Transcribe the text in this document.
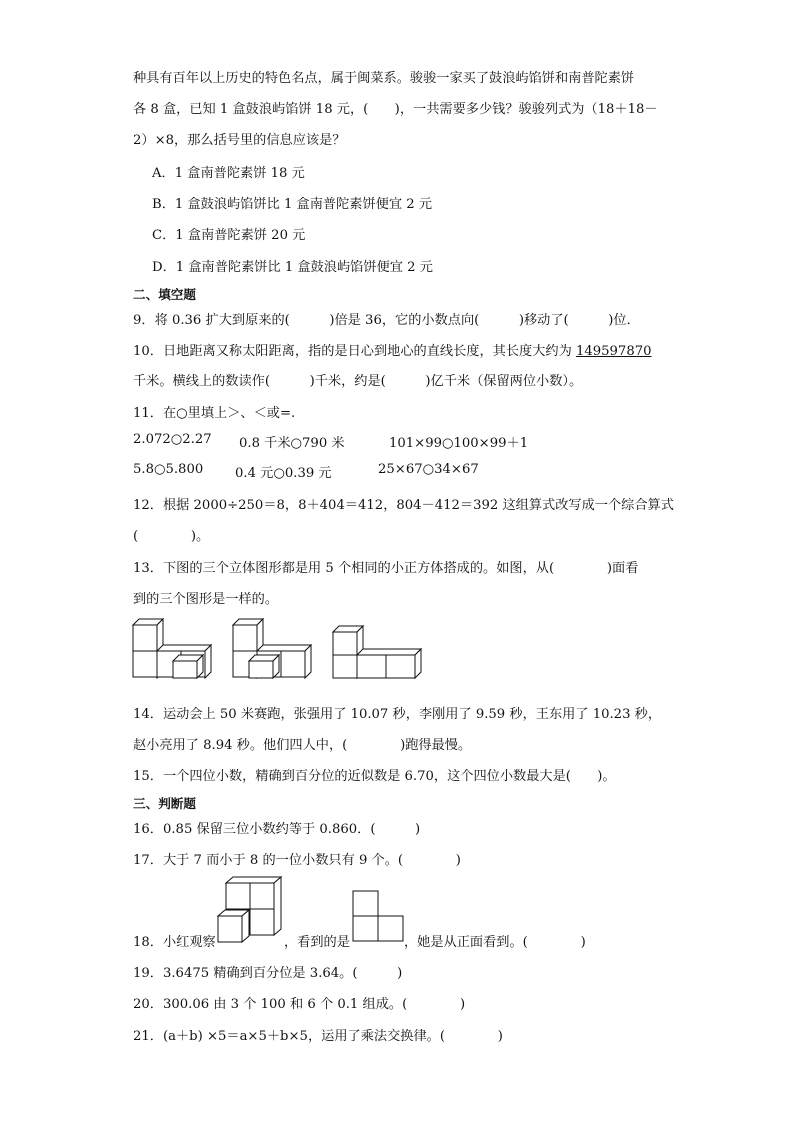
种具有百年以上历史的特色名点，属于闽菜系。骏骏一家买了鼓浪屿馅饼和南普陀素饼
各 8 盒，已知 1 盒鼓浪屿馅饼 18 元，(　　)，一共需要多少钱？骏骏列式为（18＋18－
2）×8，那么括号里的信息应该是？
A．1 盒南普陀素饼 18 元
B．1 盒鼓浪屿馅饼比 1 盒南普陀素饼便宜 2 元
C．1 盒南普陀素饼 20 元
D．1 盒南普陀素饼比 1 盒鼓浪屿馅饼便宜 2 元
二、填空题
9．将 0.36 扩大到原来的(　　　)倍是 36，它的小数点向(　　　)移动了(　　　)位．
10．日地距离又称太阳距离，指的是日心到地心的直线长度，其长度大约为 149597870
千米。横线上的数读作(　　　)千米，约是(　　　)亿千米（保留两位小数）。
11．在○里填上＞、＜或=.
2.072○2.27 0.8 千米○790 米	101×99○100×99＋1
5.8○5.800 0.4 元○0.39 元	25×67○34×67
12．根据 2000÷250＝8，8＋404＝412，804－412＝392 这组算式改写成一个综合算式
(　　　　)。
13．下图的三个立体图形都是用 5 个相同的小正方体搭成的。如图，从(　　　　)面看
到的三个图形是一样的。
14．运动会上 50 米赛跑，张强用了 10.07 秒，李刚用了 9.59 秒，王东用了 10.23 秒，
赵小亮用了 8.94 秒。他们四人中，(　　　　)跑得最慢。
15．一个四位小数，精确到百分位的近似数是 6.70，这个四位小数最大是(　　)。
三、判断题
16．0.85 保留三位小数约等于 0.860．(　　　)
17．大于 7 而小于 8 的一位小数只有 9 个。(　　　　)
18．小红观察	，看到的是	，她是从正面看到。(　　　　)
19．3.6475 精确到百分位是 3.64。(　　　)
20．300.06 由 3 个 100 和 6 个 0.1 组成。(　　　　)
21．(a＋b) ×5＝a×5＋b×5，运用了乘法交换律。(　　　　)
